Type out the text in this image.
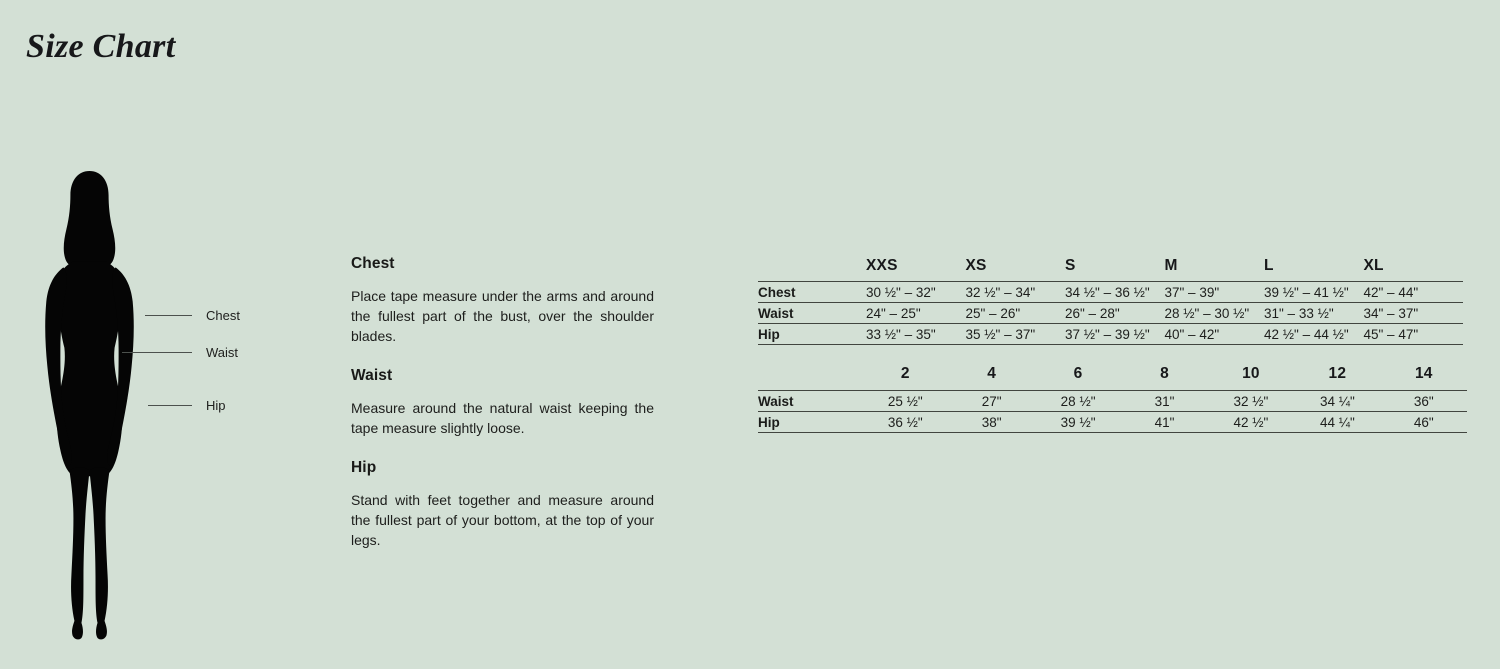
Size Chart
Chest
Waist
Hip
Chest

Place tape measure under the arms and around the fullest part of the bust, over the shoulder blades.

Waist

Measure around the natural waist keeping the tape measure slightly loose.

Hip

Stand with feet together and measure around the fullest part of your bottom, at the top of your legs.

	XXS	XS	S	M	L	XL
Chest	30 ½" – 32"	32 ½" – 34"	34 ½" – 36 ½"	37" – 39"	39 ½" – 41 ½"	42" – 44"
Waist	24" – 25"	25" – 26"	26" – 28"	28 ½" – 30 ½"	31" – 33 ½"	34" – 37"
Hip	33 ½" – 35"	35 ½" – 37"	37 ½" – 39 ½"	40" – 42"	42 ½" – 44 ½"	45" – 47"
	2	4	6	8	10	12	14
Waist	25 ½"	27"	28 ½"	31"	32 ½"	34 ¼"	36"
Hip	36 ½"	38"	39 ½"	41"	42 ½"	44 ¼"	46"
